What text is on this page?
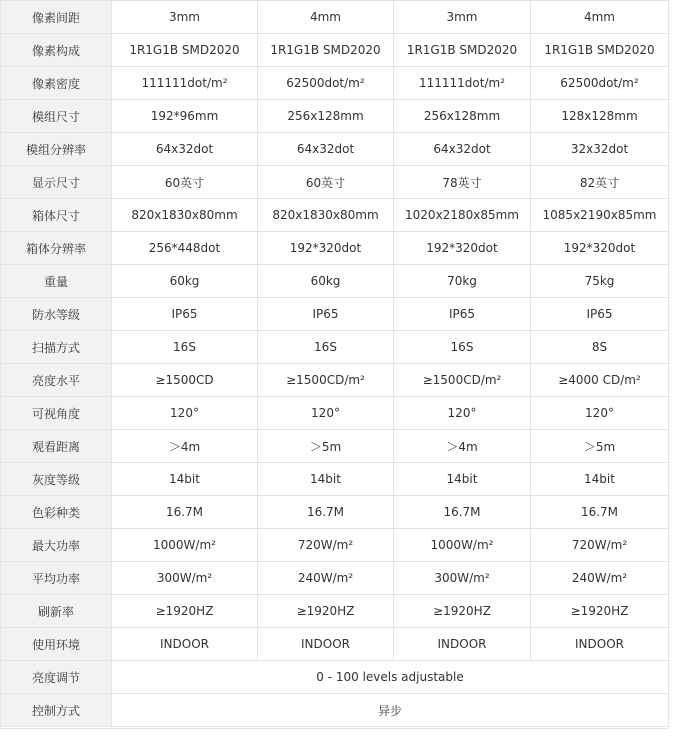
像素间距	3mm	4mm	3mm	4mm
像素构成	1R1G1B SMD2020	1R1G1B SMD2020	1R1G1B SMD2020	1R1G1B SMD2020
像素密度	111111dot/m²	62500dot/m²	111111dot/m²	62500dot/m²
模组尺寸	192*96mm	256x128mm	256x128mm	128x128mm
模组分辨率	64x32dot	64x32dot	64x32dot	32x32dot
显示尺寸	60英寸	60英寸	78英寸	82英寸
箱体尺寸	820x1830x80mm	820x1830x80mm	1020x2180x85mm	1085x2190x85mm
箱体分辨率	256*448dot	192*320dot	192*320dot	192*320dot
重量	60kg	60kg	70kg	75kg
防水等级	IP65	IP65	IP65	IP65
扫描方式	16S	16S	16S	8S
亮度水平	≥1500CD	≥1500CD/m²	≥1500CD/m²	≥4000 CD/m²
可视角度	120°	120°	120°	120°
观看距离	＞4m	＞5m	＞4m	＞5m
灰度等级	14bit	14bit	14bit	14bit
色彩种类	16.7M	16.7M	16.7M	16.7M
最大功率	1000W/m²	720W/m²	1000W/m²	720W/m²
平均功率	300W/m²	240W/m²	300W/m²	240W/m²
刷新率	≥1920HZ	≥1920HZ	≥1920HZ	≥1920HZ
使用环境	INDOOR	INDOOR	INDOOR	INDOOR
亮度调节	0 - 100 levels adjustable			
控制方式	异步			
